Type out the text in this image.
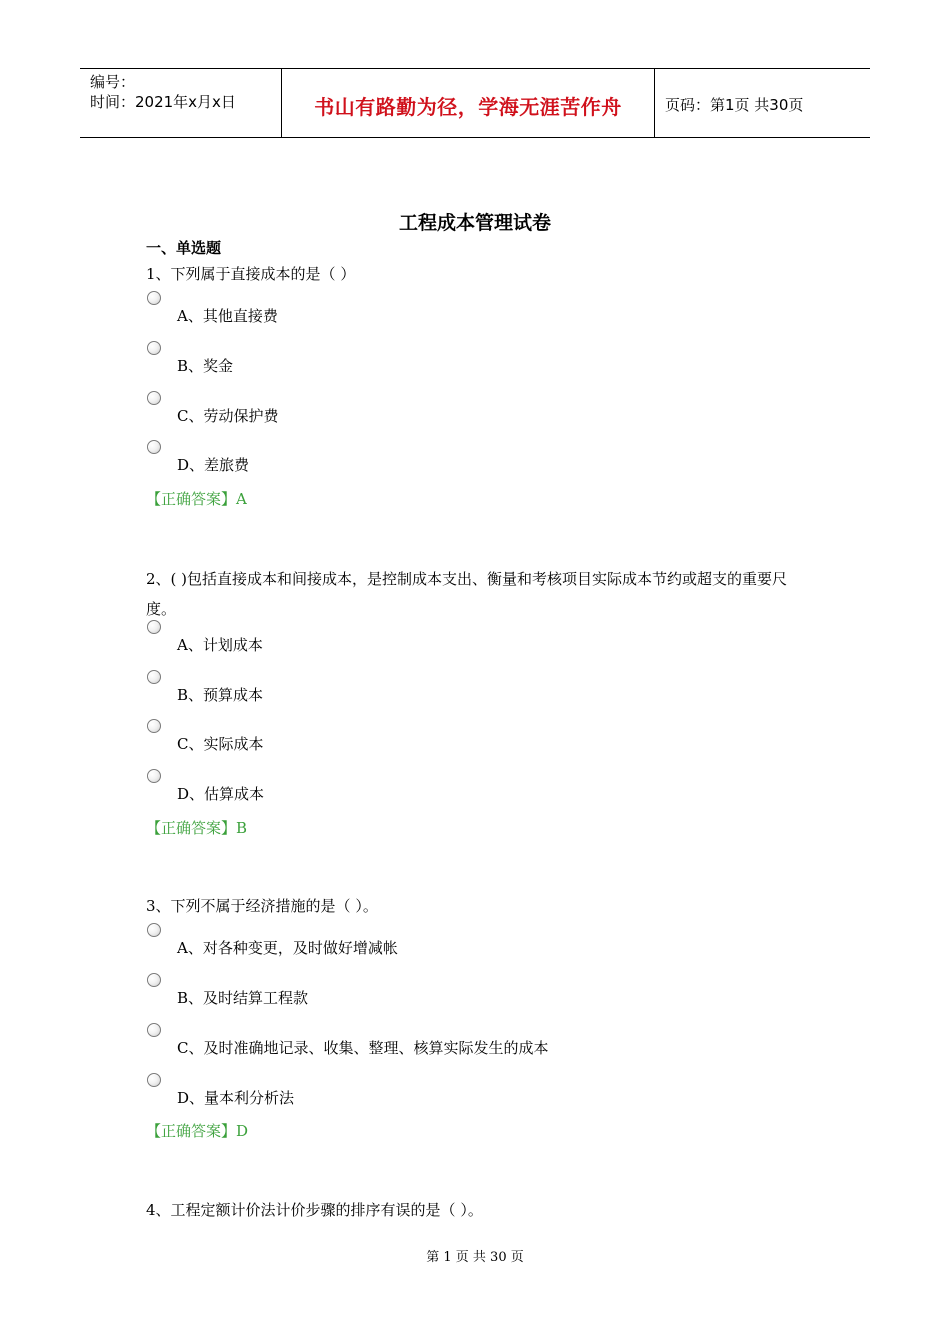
编号：
时间：2021年x月x日	书山有路勤为径，学海无涯苦作舟	页码：第1页 共30页
工程成本管理试卷
一、单选题
1、下列属于直接成本的是（ ）
A、其他直接费
B、奖金
C、劳动保护费
D、差旅费
【正确答案】A
2、( )包括直接成本和间接成本，是控制成本支出、衡量和考核项目实际成本节约或超支的重要尺度。
A、计划成本
B、预算成本
C、实际成本
D、估算成本
【正确答案】B
3、下列不属于经济措施的是（ ）。
A、对各种变更，及时做好增减帐
B、及时结算工程款
C、及时准确地记录、收集、整理、核算实际发生的成本
D、量本利分析法
【正确答案】D
4、工程定额计价法计价步骤的排序有误的是（ ）。
第 1 页 共 30 页
